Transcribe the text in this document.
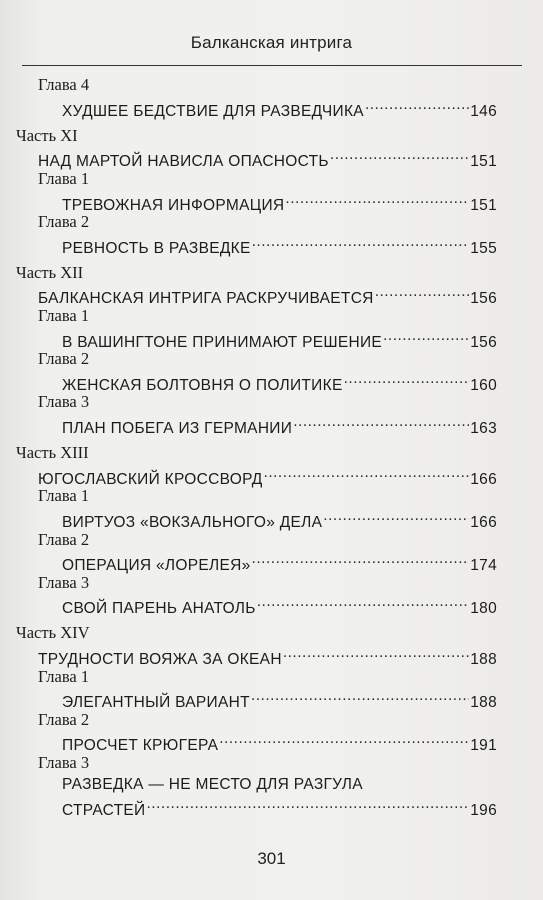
Балканская интрига
Глава 4
ХУДШЕЕ БЕДСТВИЕ ДЛЯ РАЗВЕДЧИКА .....	146
Часть XI
НАД МАРТОЙ НАВИСЛА ОПАСНОСТЬ .....	151
Глава 1
ТРЕВОЖНАЯ ИНФОРМАЦИЯ .....	151
Глава 2
РЕВНОСТЬ В РАЗВЕДКЕ .....	155
Часть XII
БАЛКАНСКАЯ ИНТРИГА РАСКРУЧИВАЕТСЯ .....	156
Глава 1
В ВАШИНГТОНЕ ПРИНИМАЮТ РЕШЕНИЕ .....	156
Глава 2
ЖЕНСКАЯ БОЛТОВНЯ О ПОЛИТИКЕ .....	160
Глава 3
ПЛАН ПОБЕГА ИЗ ГЕРМАНИИ .....	163
Часть XIII
ЮГОСЛАВСКИЙ КРОССВОРД .....	166
Глава 1
ВИРТУОЗ «ВОКЗАЛЬНОГО» ДЕЛА .....	166
Глава 2
ОПЕРАЦИЯ «ЛОРЕЛЕЯ» .....	174
Глава 3
СВОЙ ПАРЕНЬ АНАТОЛЬ .....	180
Часть XIV
ТРУДНОСТИ ВОЯЖА ЗА ОКЕАН .....	188
Глава 1
ЭЛЕГАНТНЫЙ ВАРИАНТ .....	188
Глава 2
ПРОСЧЕТ КРЮГЕРА .....	191
Глава 3
РАЗВЕДКА — НЕ МЕСТО ДЛЯ РАЗГУЛА
СТРАСТЕЙ .....	196
301
